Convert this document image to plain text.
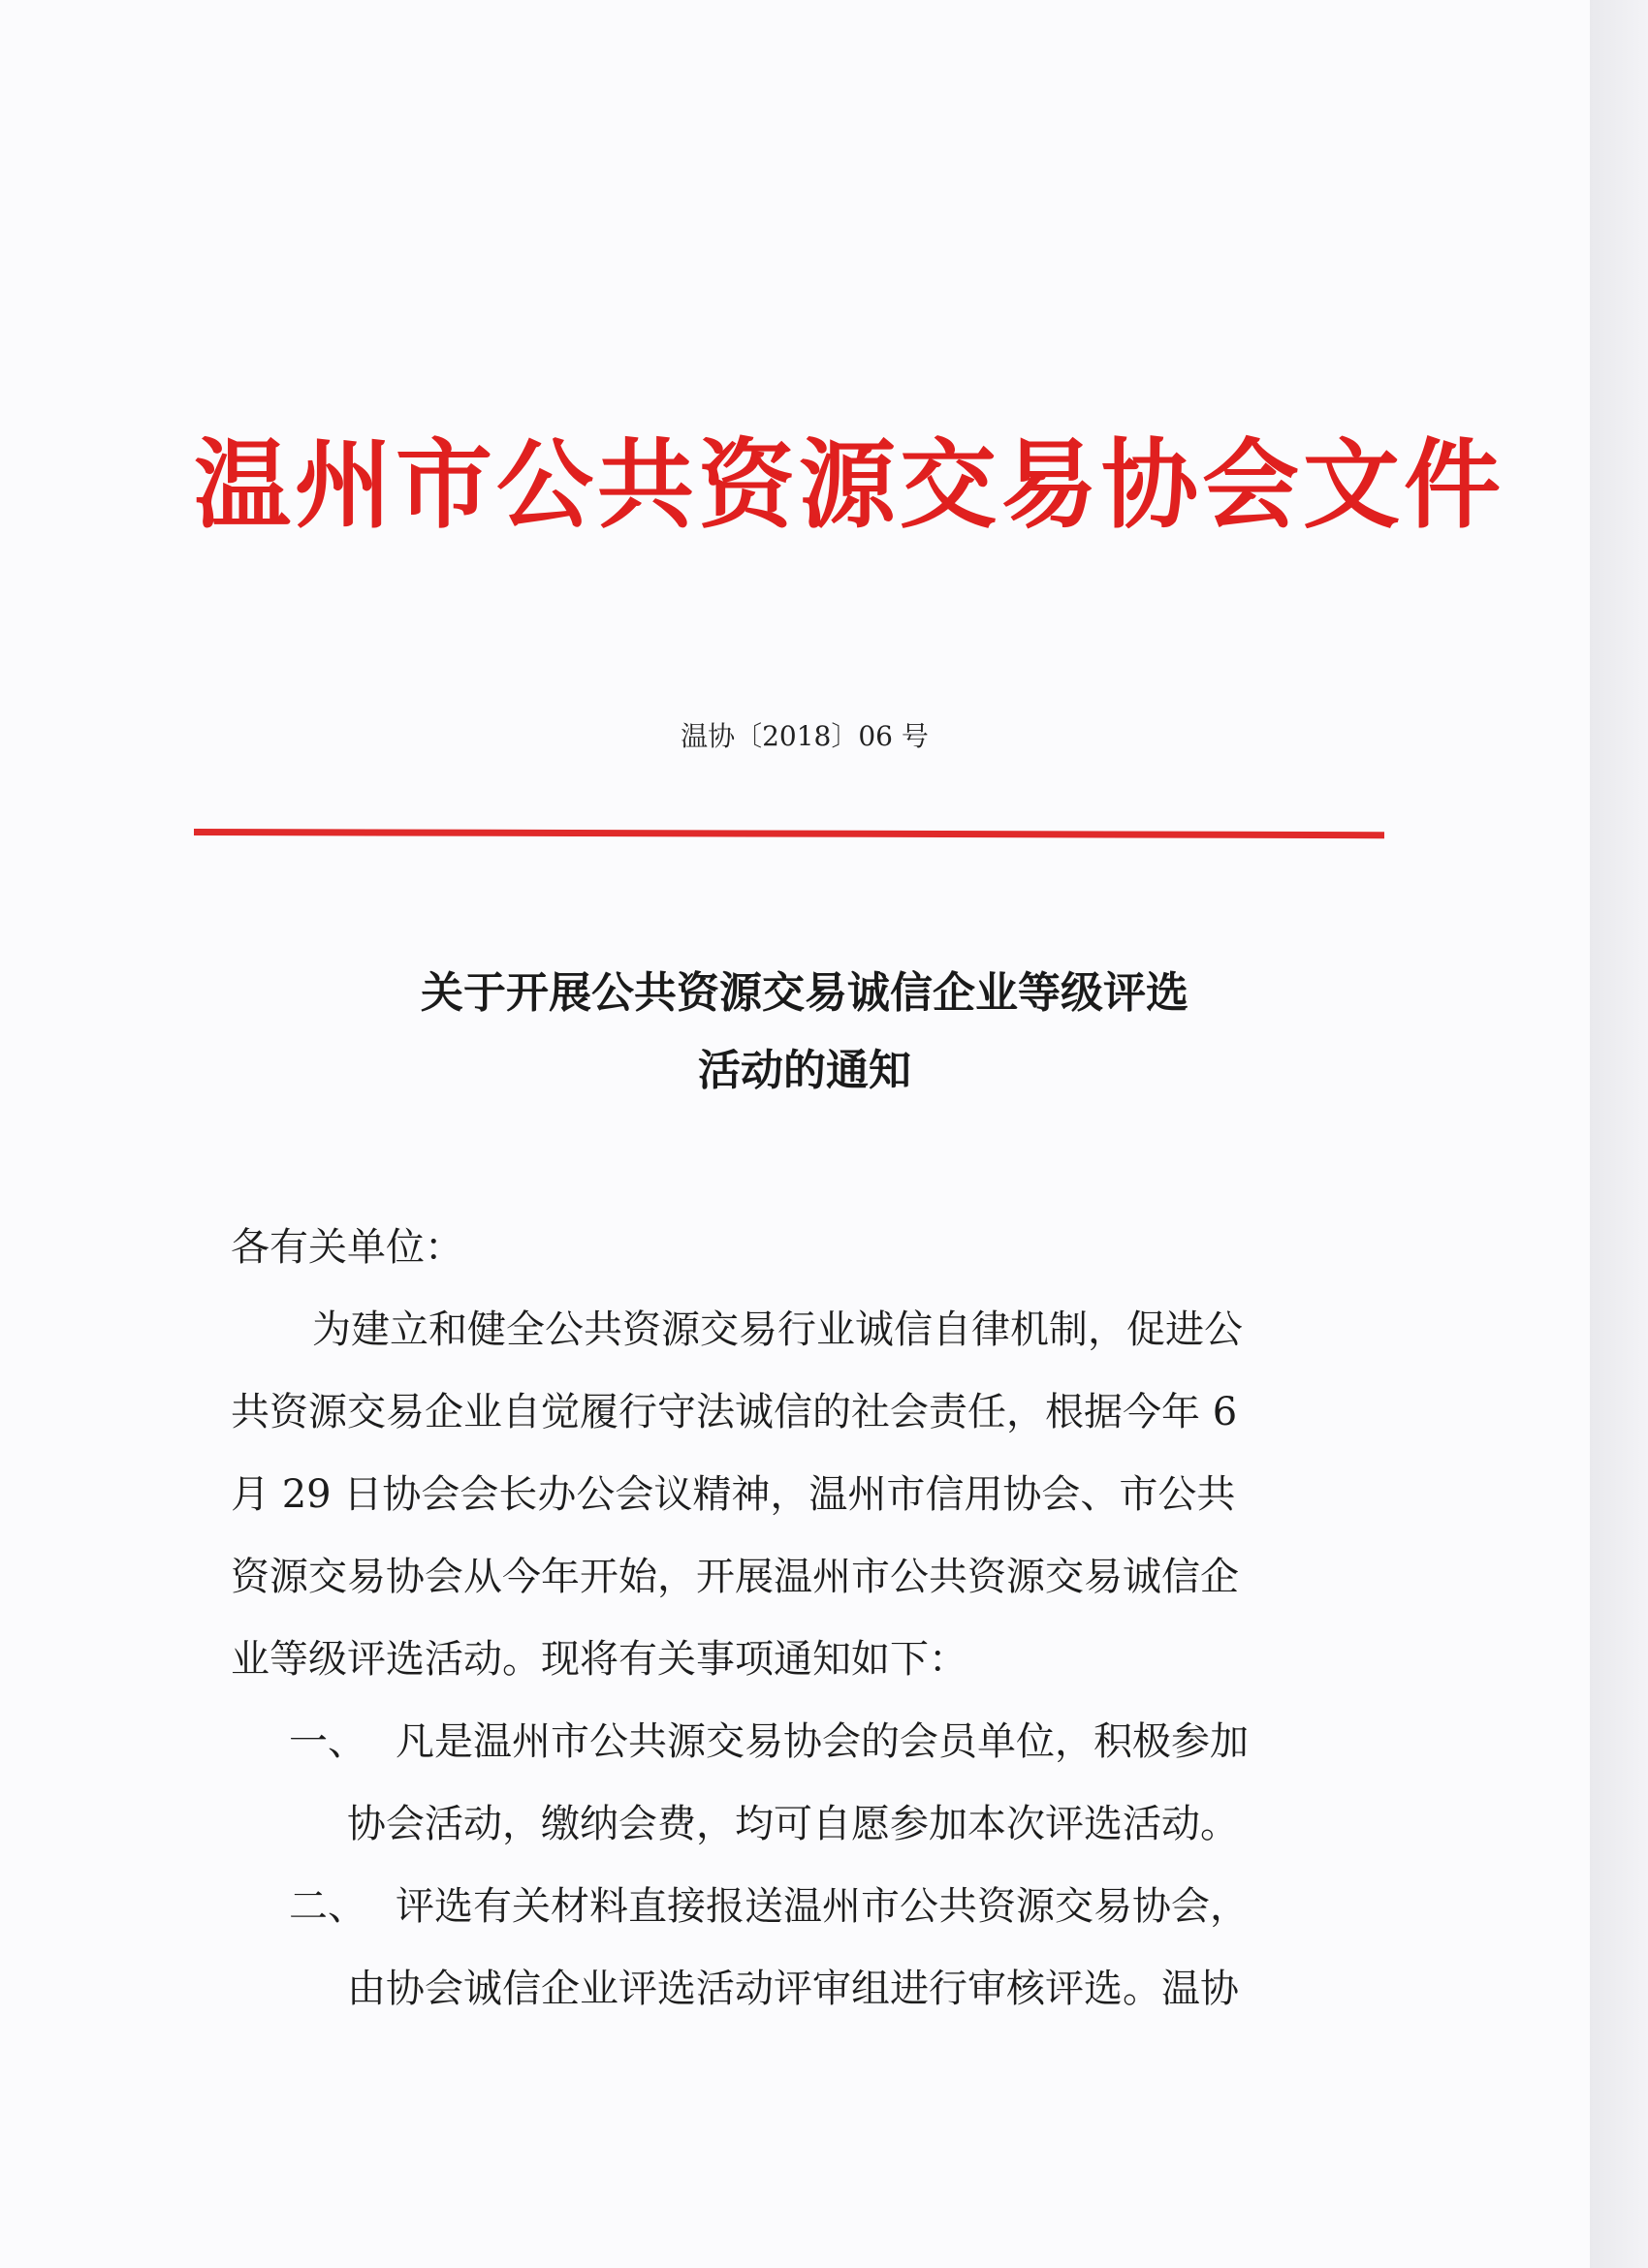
温州市公共资源交易协会文件
温协〔2018〕06 号
关于开展公共资源交易诚信企业等级评选
活动的通知
各有关单位：
为建立和健全公共资源交易行业诚信自律机制，促进公
共资源交易企业自觉履行守法诚信的社会责任，根据今年 6
月 29 日协会会长办公会议精神，温州市信用协会、市公共
资源交易协会从今年开始，开展温州市公共资源交易诚信企
业等级评选活动。现将有关事项通知如下：
一、 凡是温州市公共源交易协会的会员单位，积极参加
协会活动，缴纳会费，均可自愿参加本次评选活动。
二、 评选有关材料直接报送温州市公共资源交易协会，
由协会诚信企业评选活动评审组进行审核评选。温协
